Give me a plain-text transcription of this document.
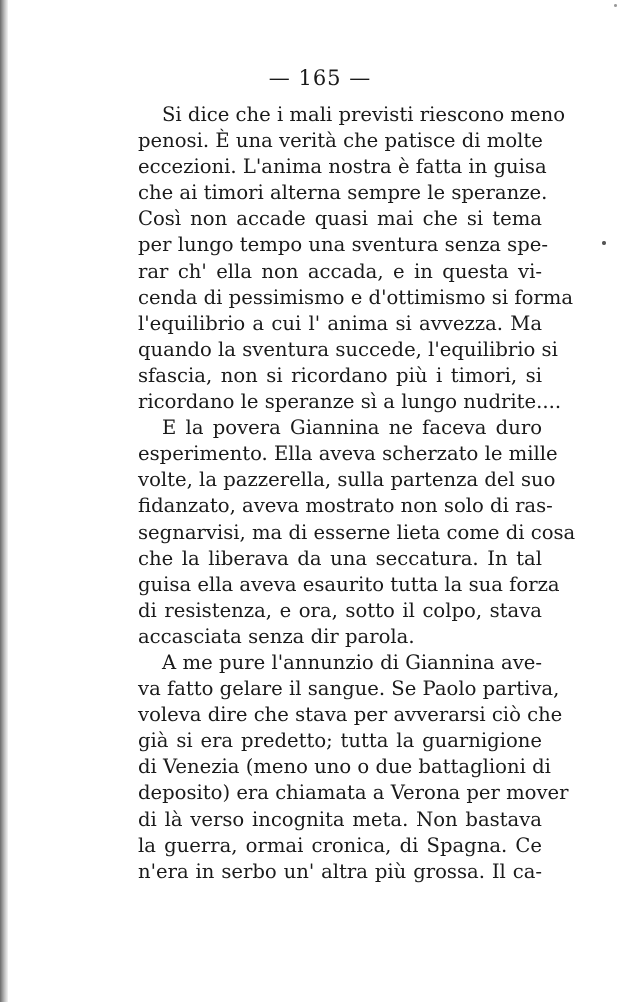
— 165 —
Si dice che i mali previsti riescono meno
penosi. È una verità che patisce di molte
eccezioni. L'anima nostra è fatta in guisa
che ai timori alterna sempre le speranze.
Così non accade quasi mai che si tema
per lungo tempo una sventura senza spe-
rar ch' ella non accada, e in questa vi-
cenda di pessimismo e d'ottimismo si forma
l'equilibrio a cui l' anima si avvezza. Ma
quando la sventura succede, l'equilibrio si
sfascia, non si ricordano più i timori, si
ricordano le speranze sì a lungo nudrite....
E la povera Giannina ne faceva duro
esperimento. Ella aveva scherzato le mille
volte, la pazzerella, sulla partenza del suo
fidanzato, aveva mostrato non solo di ras-
segnarvisi, ma di esserne lieta come di cosa
che la liberava da una seccatura. In tal
guisa ella aveva esaurito tutta la sua forza
di resistenza, e ora, sotto il colpo, stava
accasciata senza dir parola.
A me pure l'annunzio di Giannina ave-
va fatto gelare il sangue. Se Paolo partiva,
voleva dire che stava per avverarsi ciò che
già si era predetto; tutta la guarnigione
di Venezia (meno uno o due battaglioni di
deposito) era chiamata a Verona per mover
di là verso incognita meta. Non bastava
la guerra, ormai cronica, di Spagna. Ce
n'era in serbo un' altra più grossa. Il ca-
